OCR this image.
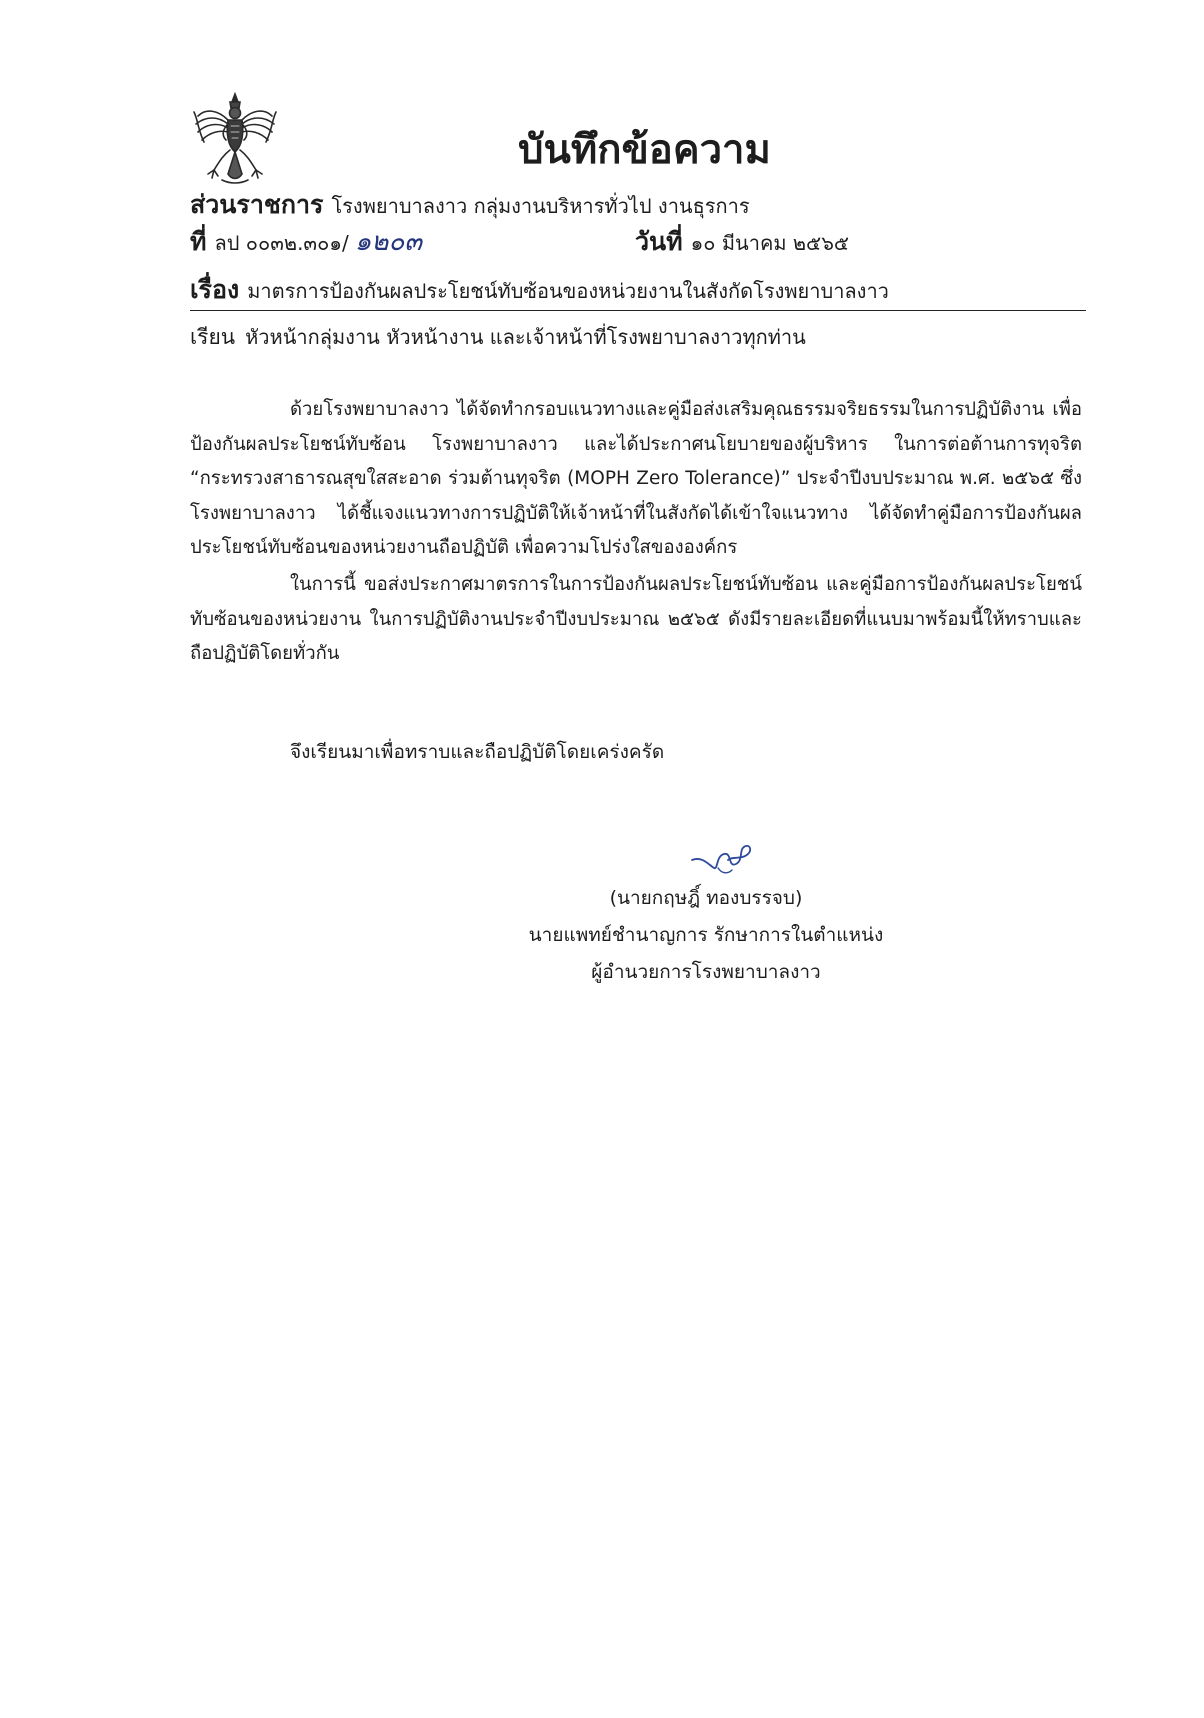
บันทึกข้อความ
ส่วนราชการ โรงพยาบาลงาว กลุ่มงานบริหารทั่วไป งานธุรการ
ที่ ลป ๐๐๓๒.๓๐๑/ ๑๒๐๓	วันที่ ๑๐ มีนาคม ๒๕๖๕
เรื่อง มาตรการป้องกันผลประโยชน์ทับซ้อนของหน่วยงานในสังกัดโรงพยาบาลงาว
เรียน หัวหน้ากลุ่มงาน หัวหน้างาน และเจ้าหน้าที่โรงพยาบาลงาวทุกท่าน

ด้วยโรงพยาบาลงาว ได้จัดทำกรอบแนวทางและคู่มือส่งเสริมคุณธรรมจริยธรรมในการปฏิบัติงาน เพื่อป้องกันผลประโยชน์ทับซ้อน โรงพยาบาลงาว และได้ประกาศนโยบายของผู้บริหาร ในการต่อต้านการทุจริต “กระทรวงสาธารณสุขใสสะอาด ร่วมต้านทุจริต (MOPH Zero Tolerance)” ประจำปีงบประมาณ พ.ศ. ๒๕๖๕ ซึ่ง โรงพยาบาลงาว ได้ชี้แจงแนวทางการปฏิบัติให้เจ้าหน้าที่ในสังกัดได้เข้าใจแนวทาง ได้จัดทำคู่มือการป้องกันผลประโยชน์ทับซ้อนของหน่วยงานถือปฏิบัติ เพื่อความโปร่งใสขององค์กร

ในการนี้ ขอส่งประกาศมาตรการในการป้องกันผลประโยชน์ทับซ้อน และคู่มือการป้องกันผลประโยชน์ทับซ้อนของหน่วยงาน ในการปฏิบัติงานประจำปีงบประมาณ ๒๕๖๕ ดังมีรายละเอียดที่แนบมาพร้อมนี้ให้ทราบและถือปฏิบัติโดยทั่วกัน

จึงเรียนมาเพื่อทราบและถือปฏิบัติโดยเคร่งครัด
(นายกฤษฎิ์ ทองบรรจบ)
นายแพทย์ชำนาญการ รักษาการในตำแหน่ง
ผู้อำนวยการโรงพยาบาลงาว
